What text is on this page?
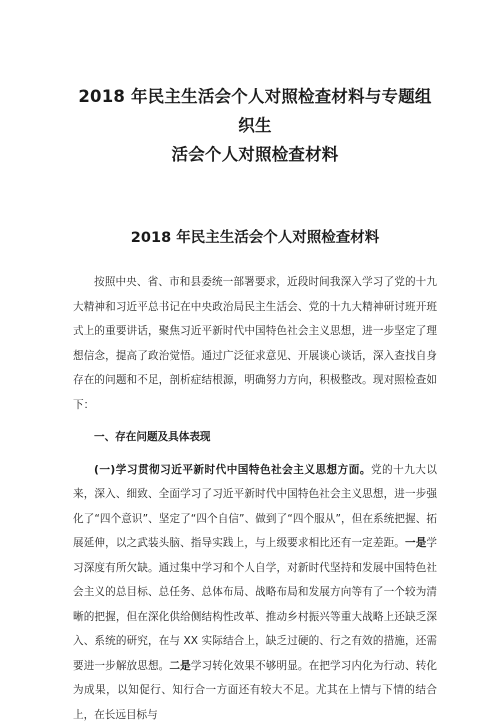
2018 年民主生活会个人对照检查材料与专题组织生
活会个人对照检查材料
2018 年民主生活会个人对照检查材料

按照中央、省、市和县委统一部署要求，近段时间我深入学习了党的十九大精神和习近平总书记在中央政治局民主生活会、党的十九大精神研讨班开班式上的重要讲话，聚焦习近平新时代中国特色社会主义思想，进一步坚定了理想信念，提高了政治觉悟。通过广泛征求意见、开展谈心谈话，深入查找自身存在的问题和不足，剖析症结根源，明确努力方向，积极整改。现对照检查如下：

一、存在问题及具体表现

(一)学习贯彻习近平新时代中国特色社会主义思想方面。党的十九大以来，深入、细致、全面学习了习近平新时代中国特色社会主义思想，进一步强化了“四个意识”、坚定了“四个自信”、做到了“四个服从”，但在系统把握、拓展延伸，以之武装头脑、指导实践上，与上级要求相比还有一定差距。一是学习深度有所欠缺。通过集中学习和个人自学，对新时代坚持和发展中国特色社会主义的总目标、总任务、总体布局、战略布局和发展方向等有了一个较为清晰的把握，但在深化供给侧结构性改革、推动乡村振兴等重大战略上还缺乏深入、系统的研究，在与 XX 实际结合上，缺乏过硬的、行之有效的措施，还需要进一步解放思想。二是学习转化效果不够明显。在把学习内化为行动、转化为成果，以知促行、知行合一方面还有较大不足。尤其在上情与下情的结合上，在长远目标与
